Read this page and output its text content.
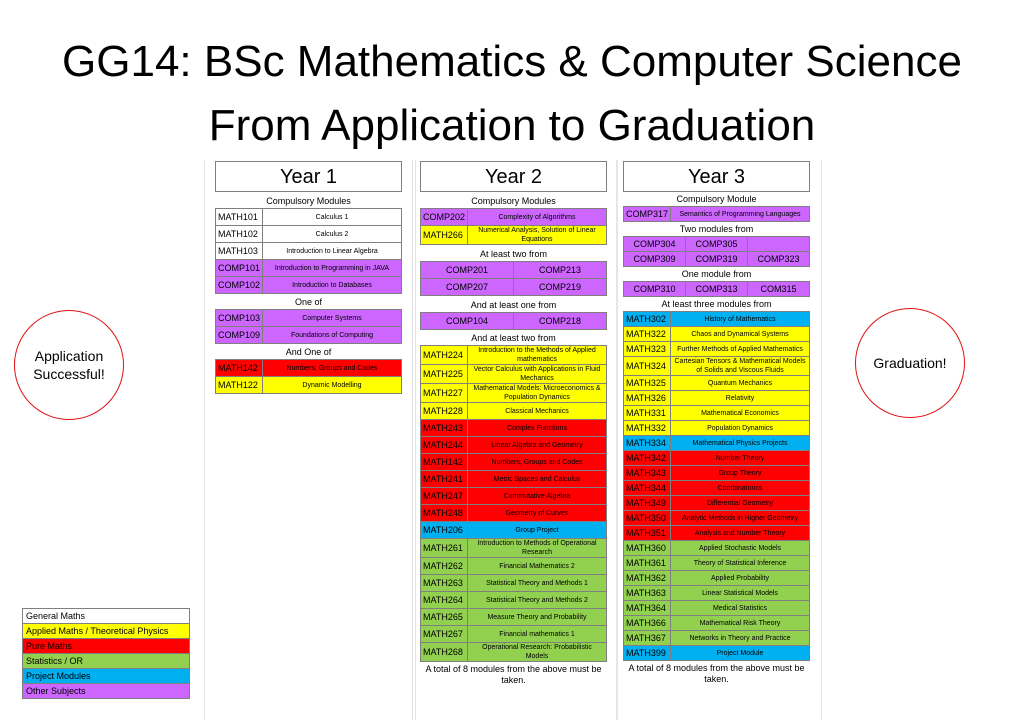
GG14: BSc Mathematics & Computer Science
From Application to Graduation
Application Successful!
Graduation!
Year 1
Compulsory Modules
MATH101	Calculus 1
MATH102	Calculus 2
MATH103	Introduction to Linear Algebra
COMP101	Introduction to Programming in JAVA
COMP102	Introduction to Databases
One of
COMP103	Computer Systems
COMP109	Foundations of Computing
And One of
MATH142	Numbers, Groups and Codes
MATH122	Dynamic Modelling
Year 2
Compulsory Modules
COMP202	Complexity of Algorithms
MATH266	Numerical Analysis, Solution of Linear Equations
At least two from
COMP201	COMP213
COMP207	COMP219
And at least one from
COMP104	COMP218
And at least two from
MATH224	Introduction to the Methods of Applied mathematics
MATH225	Vector Calculus with Applications in Fluid Mechanics
MATH227	Mathematical Models: Microeconomics & Population Dynamics
MATH228	Classical Mechanics
MATH243	Complex Functions
MATH244	Linear Algebra and Geometry
MATH142	Numbers, Groups and Codes
MATH241	Metric Spaces and Calculus
MATH247	Commutative Algebra
MATH248	Geometry of Curves
MATH206	Group Project
MATH261	Introduction to Methods of Operational Research
MATH262	Financial Mathematics 2
MATH263	Statistical Theory and Methods 1
MATH264	Statistical Theory and Methods 2
MATH265	Measure Theory and Probability
MATH267	Financial mathematics 1
MATH268	Operational Research: Probabilistic Models
A total of 8 modules from the above must be taken.
Year 3
Compulsory Module
COMP317	Semantics of Programming Languages
Two modules from
COMP304	COMP305	
COMP309	COMP319	COMP323
One module from
COMP310	COMP313	COM315
At least three modules from
MATH302	History of Mathematics
MATH322	Chaos and Dynamical Systems
MATH323	Further Methods of Applied Mathematics
MATH324	Cartesian Tensors & Mathematical Models of Solids and Viscous Fluids
MATH325	Quantum Mechanics
MATH326	Relativity
MATH331	Mathematical Economics
MATH332	Population Dynamics
MATH334	Mathematical Physics Projects
MATH342	Number Theory
MATH343	Group Theory
MATH344	Combinatorics
MATH349	Differential Geometry
MATH350	Analytic Methods in Higher Geometry
MATH351	Analysis and Number Theory
MATH360	Applied Stochastic Models
MATH361	Theory of Statistical Inference
MATH362	Applied Probability
MATH363	Linear Statistical Models
MATH364	Medical Statistics
MATH366	Mathematical Risk Theory
MATH367	Networks in Theory and Practice
MATH399	Project Module
A total of 8 modules from the above must be taken.
General Maths
Applied Maths / Theoretical Physics
Pure Maths
Statistics / OR
Project Modules
Other Subjects
